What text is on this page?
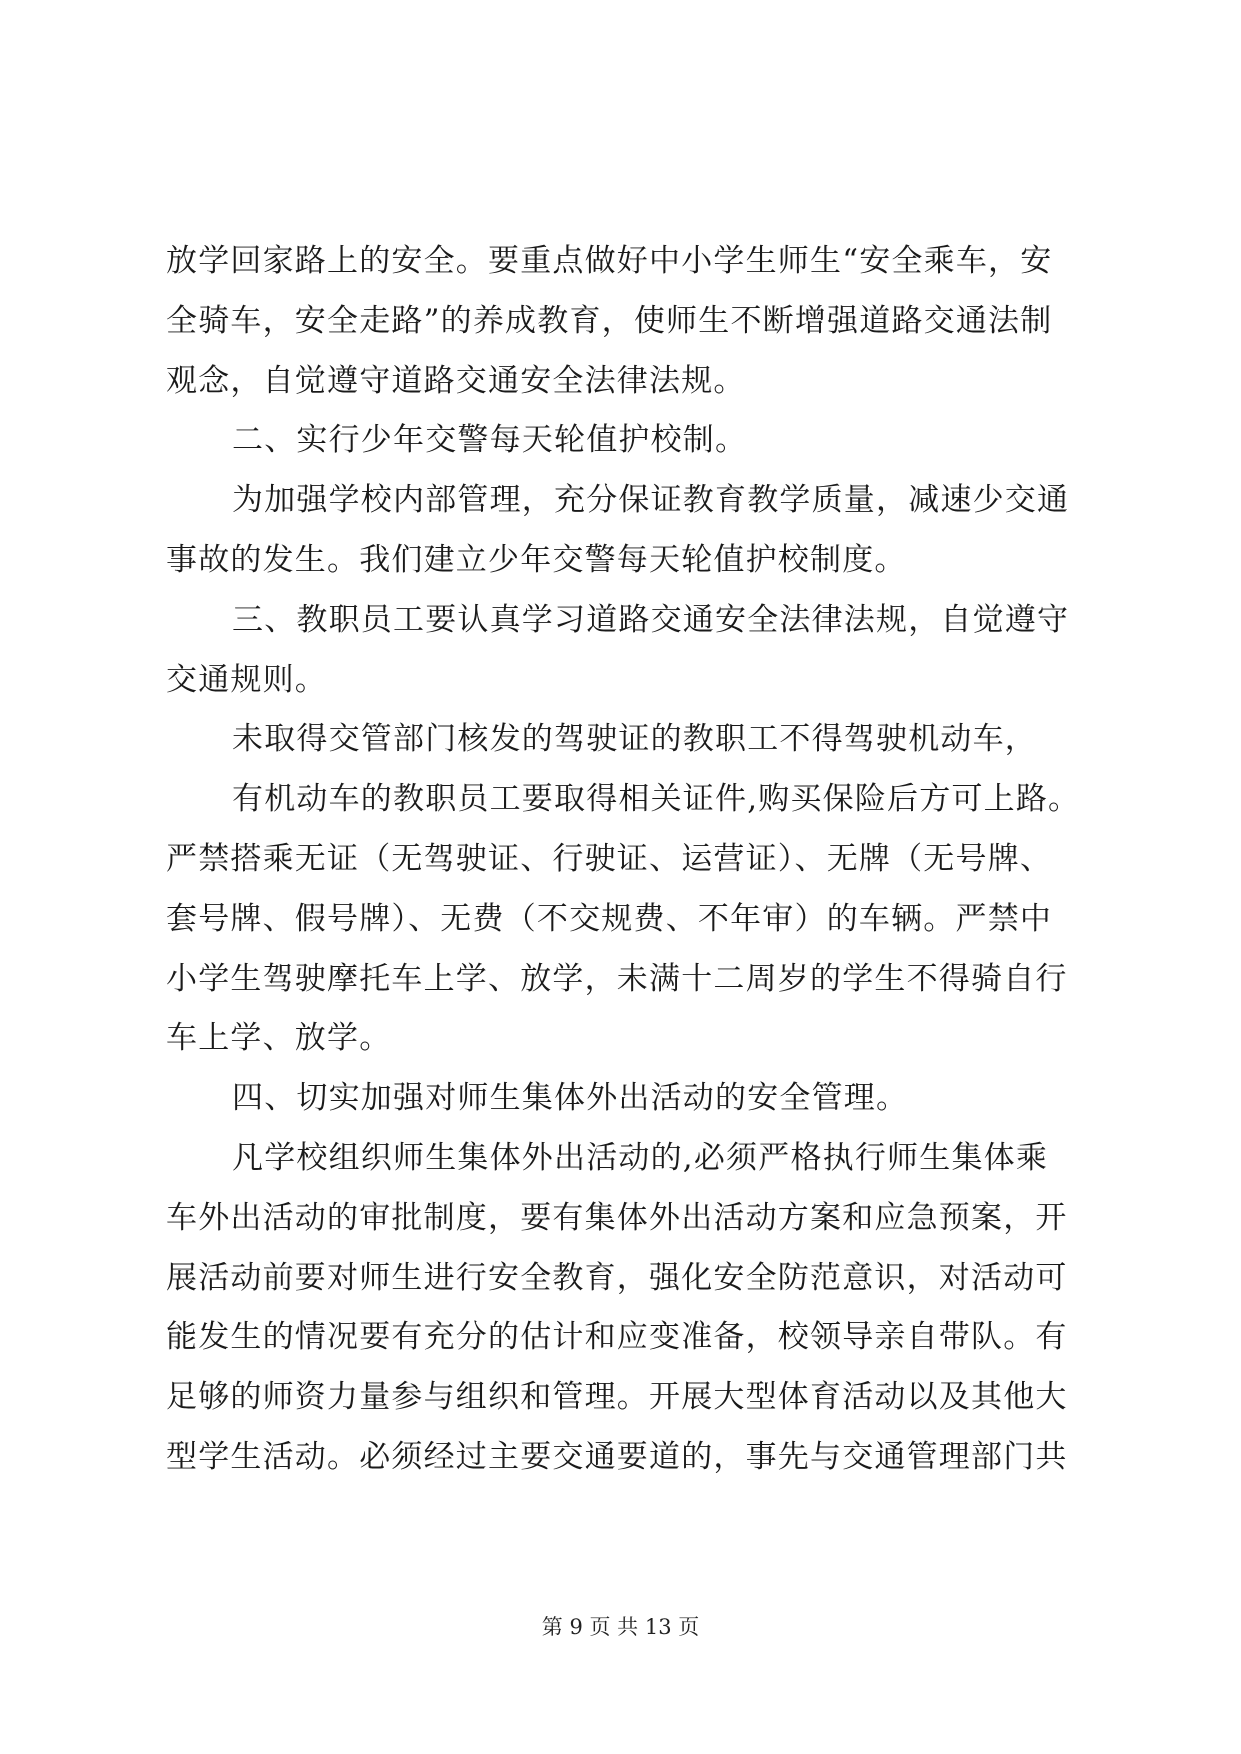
放学回家路上的安全。要重点做好中小学生师生“安全乘车，安
全骑车，安全走路”的养成教育，使师生不断增强道路交通法制
观念，自觉遵守道路交通安全法律法规。
二、实行少年交警每天轮值护校制。
为加强学校内部管理，充分保证教育教学质量，减速少交通
事故的发生。我们建立少年交警每天轮值护校制度。
三、教职员工要认真学习道路交通安全法律法规，自觉遵守
交通规则。
未取得交管部门核发的驾驶证的教职工不得驾驶机动车，
有机动车的教职员工要取得相关证件,购买保险后方可上路。
严禁搭乘无证（无驾驶证、行驶证、运营证）、无牌（无号牌、
套号牌、假号牌）、无费（不交规费、不年审）的车辆。严禁中
小学生驾驶摩托车上学、放学，未满十二周岁的学生不得骑自行
车上学、放学。
四、切实加强对师生集体外出活动的安全管理。
凡学校组织师生集体外出活动的,必须严格执行师生集体乘
车外出活动的审批制度，要有集体外出活动方案和应急预案，开
展活动前要对师生进行安全教育，强化安全防范意识，对活动可
能发生的情况要有充分的估计和应变准备，校领导亲自带队。有
足够的师资力量参与组织和管理。开展大型体育活动以及其他大
型学生活动。必须经过主要交通要道的，事先与交通管理部门共
第 9 页 共 13 页
